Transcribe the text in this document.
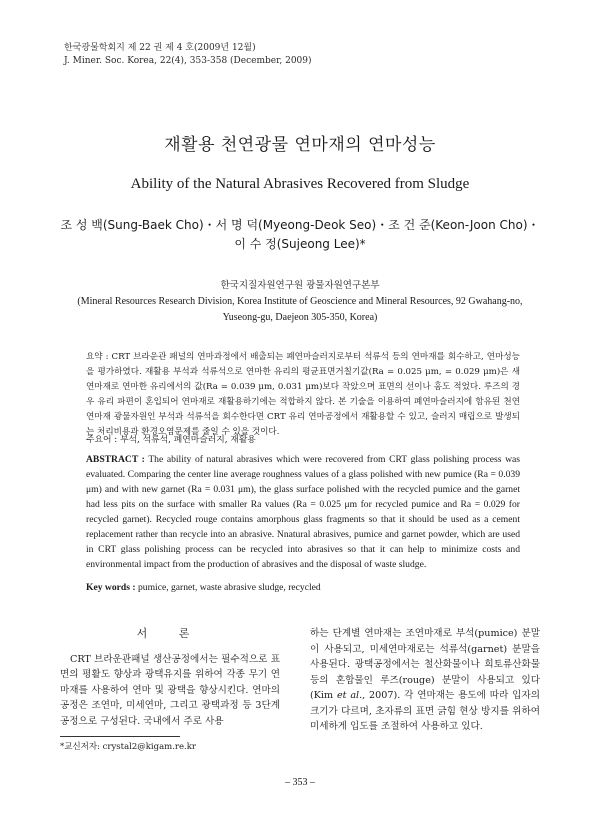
한국광물학회지 제 22 권 제 4 호(2009년 12월)
J. Miner. Soc. Korea, 22(4), 353-358 (December, 2009)
재활용 천연광물 연마재의 연마성능
Ability of the Natural Abrasives Recovered from Sludge
조 성 백(Sung-Baek Cho)・서 명 덕(Myeong-Deok Seo)・조 건 준(Keon-Joon Cho)・
이 수 정(Sujeong Lee)*
한국지질자원연구원 광물자원연구본부
(Mineral Resources Research Division, Korea Institute of Geoscience and Mineral Resources, 92 Gwahang-no,
Yuseong-gu, Daejeon 305-350, Korea)
요약 : CRT 브라운관 패널의 연마과정에서 배출되는 폐연마슬러지로부터 석류석 등의 연마재를 회수하고, 연마성능을 평가하였다. 재활용 부석과 석류석으로 연마한 유리의 평균표면거칠기값(Ra = 0.025 μm, = 0.029 μm)은 새 연마재로 연마한 유리에서의 값(Ra = 0.039 μm, 0.031 μm)보다 작았으며 표면의 선이나 홈도 적었다. 루즈의 경우 유리 파편이 혼입되어 연마재로 재활용하기에는 적합하지 않다. 본 기술을 이용하여 폐연마슬러지에 함유된 천연연마재 광물자원인 부석과 석류석을 회수한다면 CRT 유리 연마공정에서 재활용할 수 있고, 슬러지 매립으로 발생되는 처리비용과 환경오염문제를 줄일 수 있을 것이다.
주요어 : 부석, 석류석, 폐연마슬러지, 재활용
ABSTRACT : The ability of natural abrasives which were recovered from CRT glass polishing process was evaluated. Comparing the center line average roughness values of a glass polished with new pumice (Ra = 0.039 μm) and with new garnet (Ra = 0.031 μm), the glass surface polished with the recycled pumice and the garnet had less pits on the surface with smaller Ra values (Ra = 0.025 μm for recycled pumice and Ra = 0.029 for recycled garnet). Recycled rouge contains amorphous glass fragments so that it should be used as a cement replacement rather than recycle into an abrasive. Nnatural abrasives, pumice and garnet powder, which are used in CRT glass polishing process can be recycled into abrasives so that it can help to minimize costs and environmental impact from the production of abrasives and the disposal of waste sludge.
Key words : pumice, garnet, waste abrasive sludge, recycled
서 론

CRT 브라운관패널 생산공정에서는 필수적으로 표면의 평활도 향상과 광택유지를 위하여 각종 무기 연마재를 사용하여 연마 및 광택을 향상시킨다. 연마의 공정은 조연마, 미세연마, 그리고 광택과정 등 3단계 공정으로 구성된다. 국내에서 주로 사용

하는 단계별 연마재는 조연마재로 부석(pumice) 분말이 사용되고, 미세연마재로는 석류석(garnet) 분말을 사용된다. 광택공정에서는 철산화물이나 희토류산화물 등의 혼합물인 루즈(rouge) 분말이 사용되고 있다(Kim et al., 2007). 각 연마재는 용도에 따라 입자의 크기가 다르며, 초자류의 표면 긁힘 현상 방지를 위하여 미세하게 입도를 조절하여 사용하고 있다.

*교신저자: crystal2@kigam.re.kr
– 353 –
